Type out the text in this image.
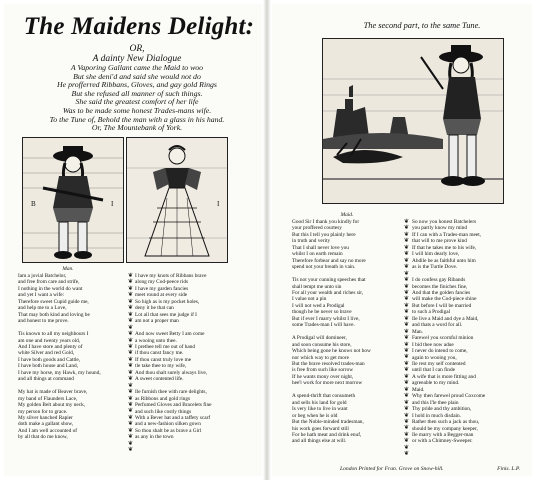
The Maidens Delight:
OR,
A dainty New Dialogue
A Vaporing Gallant came the Maid to woo
But she deni'd and said she would not do
He profferred Ribbans, Gloves, and gay gold Rings
But she refused all manner of such things.
She said the greatest comfort of her life
Was to be made some honest Trades-mans wife.
To the Tune of, Behold the man with a glass in his hand.
Or, The Mountebank of York.
B	I	I
Man.
Iam a jovial Batchelor,
and free from care and strife,
I nothing in the world do want
and yet I want a wife:
Therefore sweet Cupid guide me,
and help me to a Love,
That may both kind and loving be
and honest to me prove.

Tis known to all my neighbours I
am one and twenty years old,
And I have store and plenty of
white Silver and red Gold,
I have both goods and Cattle,
I have both house and Land,
I have my horse, my Hawk, my hound,
and all things at command

My hat is made of Beaver brave,
my band of Flaunders Lace,
My golden Belt about my neck,
my person for to grace.
My silver hanched Rapier
doth make a gallant show,
And I am well accounted of
by all that do me know,
❦
❦
❦
❦
❦
❦
❦
❦
❦
❦
❦
❦
❦
❦
❦
❦
❦
❦
❦
❦
❦
❦
❦
❦
❦
❦
❦
❦
I have my knots of Ribbans brave
along my Cod-peece rids
I have my garden fancies
meet round at every side
So high as is my pocket holes,
deny it he that can
Lot all that sees me judge if I
am not a proper man

And now sweet Betty I am come
a wooing unto thee.
I prethee tell me out of hand
if thou canst fancy me.
If thou canst truly love me
tle take thee to my wife,
And thou shalt surely always live,
A sweet contented life.

Ile furnish thee with rare delights,
as Ribbons and gold rings
Perfumed Gloves and Bracelets fine
and such like costly things
With a Bever hat and a taffety scarf
and a new-fashion silken gown
So thou shalt be as brave a Girl
as any in the town
The second part, to the same Tune.
Maid.
Good Sir I thank you kindly for
your proffered courtesy
But this I tell you plainly here
in truth and verity
That I shall never love you
whilst I on earth remain
Therefore forbear and say no more
spend not your breath in vain.

Tis not your cunning speeches that
shall tempt me unto sin
For all your wealth and riches sir,
I value not a pin
I will not wed a Prodigal
though he be never so brave
But if ever I marry whilst I live,
some Trades-man I will have.

A Prodigal will domineer,
and soon consume his store,
Which being gone he knows not how
nor which way to get more
But the brave resolved trades-man
is free from such like sorrow
If he wants mony over night,
hee'l work for more next morrow

A spend-thrift that consumeth
and sells his land for gold
Is very like to live in want
or beg when he is old
But the Noble-minded tradesman,
his work goes forward still
For he hath meat and drink enuf,
and all things else at will.
❦
❦
❦
❦
❦
❦
❦
❦
❦
❦
❦
❦
❦
❦
❦
❦
❦
❦
❦
❦
❦
❦
❦
❦
❦
❦
❦
❦
❦
❦
❦
❦
❦
❦
❦
❦
❦
So now you honest Batchelers
you partly know my mind
If I can with a Trades-man meet,
that will to me prove kind
If that he takes me to his wife,
I will him dearly love,
Ahdile be as faithful unto him
as is the Turtle Dove.

I do confess gay Ribands
becomes the finiches fine,
And that the golden fancies
will make the Cod-piece shine
But before I will be married
to such a Prodigal
Ile live a Maid and dye a Maid,
and thats a word for all.
Man.
Farewel you scornful minion
I bid thee now adue
I never do intend to come,
again to wooing you,
Ile rest my self contented
until that I can finde
A wife that is more fitting and
agreeable to my mind.
Maid.
Why then farewel proud Coxcome
and this I'le thee plain
Thy pride and thy ambition,
I hold in much disdain.
Rather then such a jack as thou,
should be my company keeper,
Ile marry with a Begger-man
or with a Chimney-Sweeper.
London Printed for Fran. Grove on Snow-hill.	Finis. L.P.
